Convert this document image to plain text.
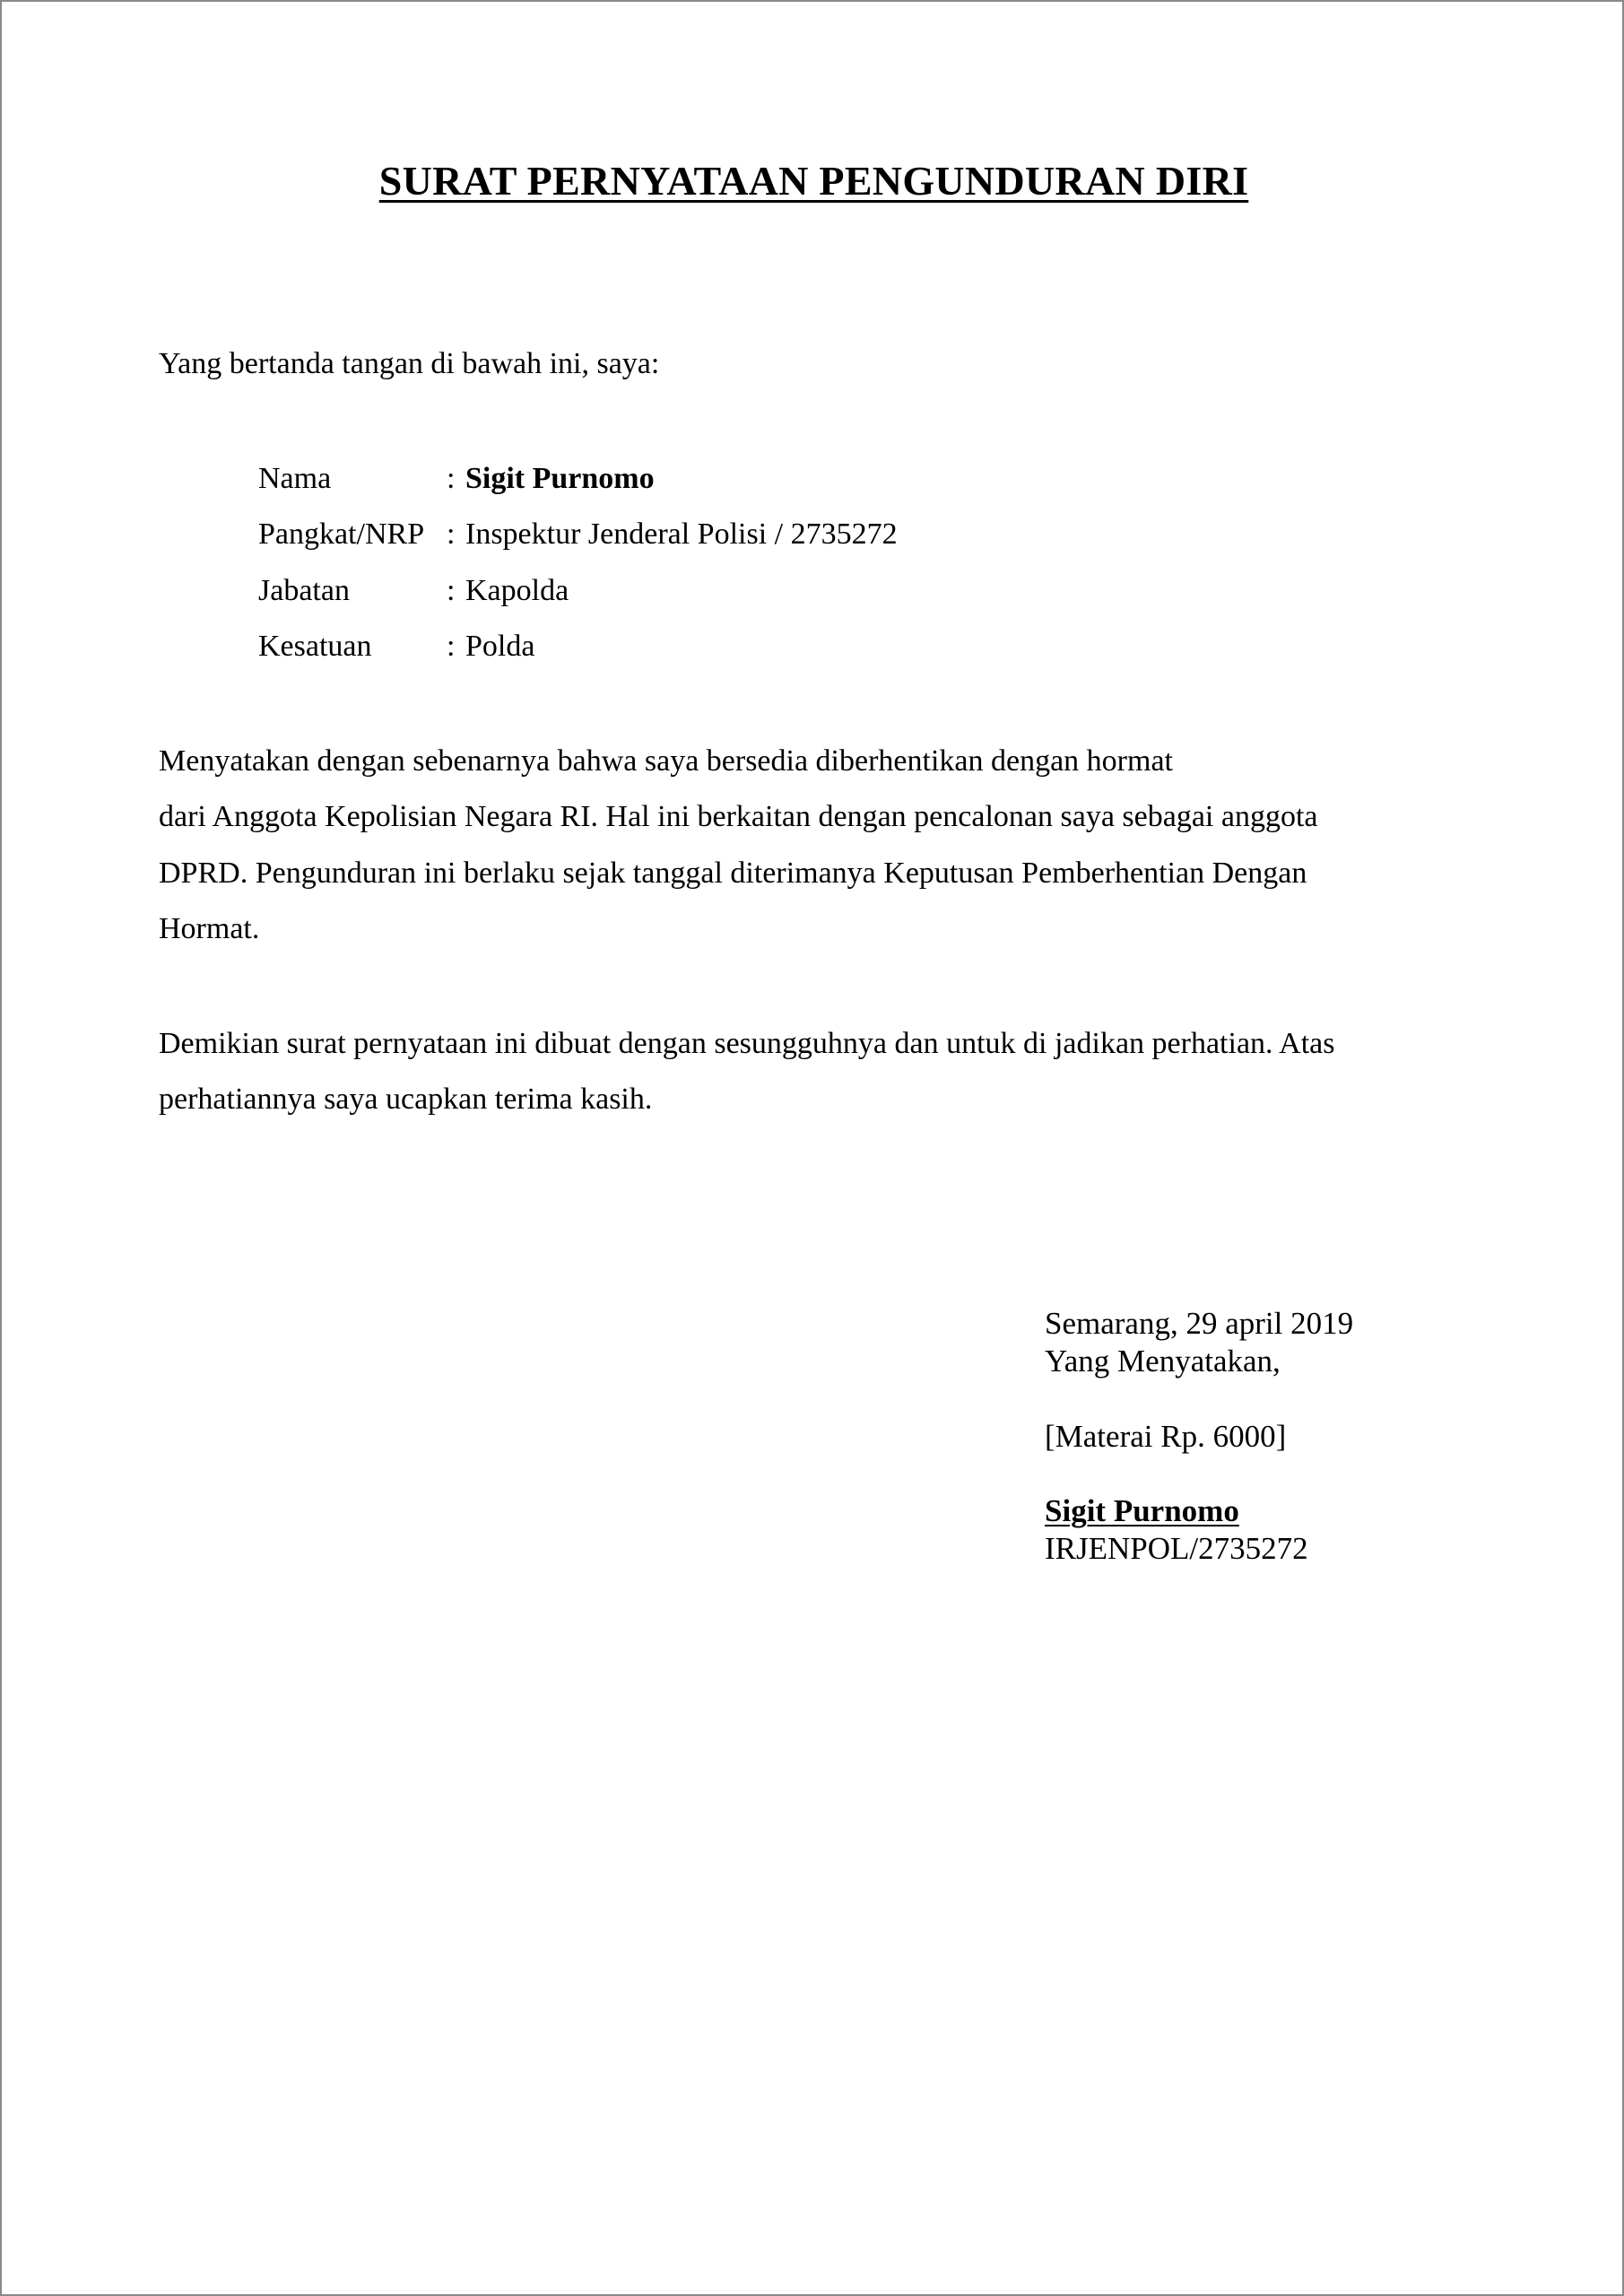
SURAT PERNYATAAN PENGUNDURAN DIRI
Yang bertanda tangan di bawah ini, saya:
Nama	: Sigit Purnomo
Pangkat/NRP : Inspektur Jenderal Polisi / 2735272
Jabatan	: Kapolda
Kesatuan : Polda
Menyatakan dengan sebenarnya bahwa saya bersedia diberhentikan dengan hormat
dari Anggota Kepolisian Negara RI. Hal ini berkaitan dengan pencalonan saya sebagai anggota
DPRD. Pengunduran ini berlaku sejak tanggal diterimanya Keputusan Pemberhentian Dengan
Hormat.
Demikian surat pernyataan ini dibuat dengan sesungguhnya dan untuk di jadikan perhatian. Atas
perhatiannya saya ucapkan terima kasih.
Semarang, 29 april 2019
Yang Menyatakan,
[Materai Rp. 6000]
Sigit Purnomo
IRJENPOL/2735272
